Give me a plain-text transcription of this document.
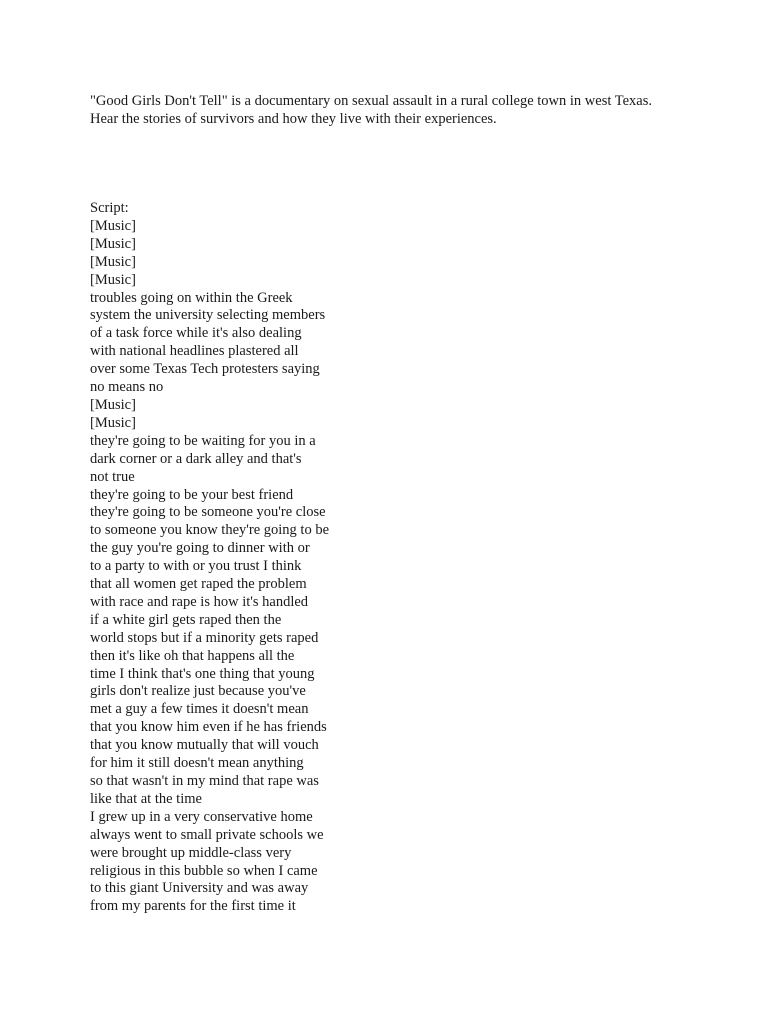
"Good Girls Don't Tell" is a documentary on sexual assault in a rural college town in west Texas.
Hear the stories of survivors and how they live with their experiences.

Script:
[Music]
[Music]
[Music]
[Music]
troubles going on within the Greek
system the university selecting members
of a task force while it's also dealing
with national headlines plastered all
over some Texas Tech protesters saying
no means no
[Music]
[Music]
they're going to be waiting for you in a
dark corner or a dark alley and that's
not true
they're going to be your best friend
they're going to be someone you're close
to someone you know they're going to be
the guy you're going to dinner with or
to a party to with or you trust I think
that all women get raped the problem
with race and rape is how it's handled
if a white girl gets raped then the
world stops but if a minority gets raped
then it's like oh that happens all the
time I think that's one thing that young
girls don't realize just because you've
met a guy a few times it doesn't mean
that you know him even if he has friends
that you know mutually that will vouch
for him it still doesn't mean anything
so that wasn't in my mind that rape was
like that at the time
I grew up in a very conservative home
always went to small private schools we
were brought up middle-class very
religious in this bubble so when I came
to this giant University and was away
from my parents for the first time it
